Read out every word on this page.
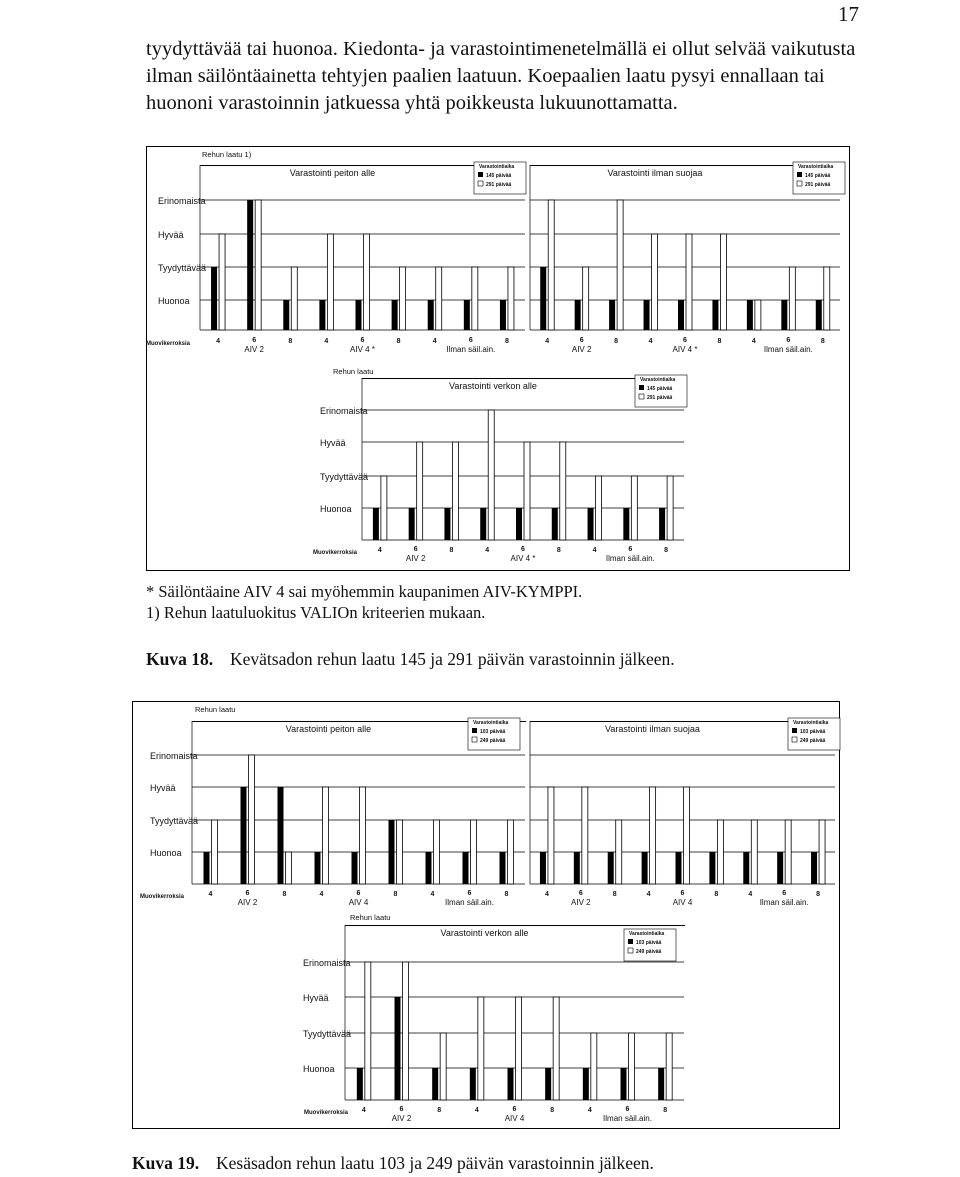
17
tyydyttävää tai huonoa. Kiedonta- ja varastointimenetelmällä ei ollut selvää vaikutusta
ilman säilöntäainetta tehtyjen paalien laatuun. Koepaalien laatu pysyi ennallaan tai
huononi varastoinnin jatkuessa yhtä poikkeusta lukuunottamatta.
Varastointi peiton alle
Varastointiaika
145 päivää
291 päivää
Rehun laatu 1)
Huonoa
Tyydyttävää
Hyvää
Erinomaista
Muovikerroksia	4	6	8
AIV 2
4	6	8
AIV 4 *
4	6	8
Ilman säil.ain.
Varastointi ilman suojaa
Varastointiaika
145 päivää
291 päivää
4	6	8
AIV 2
4	6	8
AIV 4 *
4	6	8
Ilman säil.ain.
Varastointi verkon alle
Varastointiaika
145 päivää
291 päivää
Rehun laatu
Huonoa
Tyydyttävää
Hyvää
Erinomaista
Muovikerroksia	4	6	8
AIV 2
4	6	8
AIV 4 *
4	6	8
Ilman säil.ain.
Varastointi peiton alle
Varastointiaika
103 päivää
249 päivää
Rehun laatu
Huonoa
Tyydyttävää
Hyvää
Erinomaista
Muovikerroksia	4	6	8
AIV 2
4	6	8
AIV 4
4	6	8
Ilman säil.ain.
Varastointi ilman suojaa
Varastointiaika
103 päivää
249 päivää
4	6	8
AIV 2
4	6	8
AIV 4
4	6	8
Ilman säil.ain.
Varastointi verkon alle	Varastointiaika
103 päivää
249 päivää
Rehun laatu
Huonoa
Tyydyttävää
Hyvää
Erinomaista
Muovikerroksia 4	6	8
AIV 2
4	6	8
AIV 4
4	6	8
Ilman säil.ain.
* Säilöntäaine AIV 4 sai myöhemmin kaupanimen AIV-KYMPPI.
1) Rehun laatuluokitus VALIOn kriteerien mukaan.
Kuva 18. Kevätsadon rehun laatu 145 ja 291 päivän varastoinnin jälkeen.
Kuva 19. Kesäsadon rehun laatu 103 ja 249 päivän varastoinnin jälkeen.
